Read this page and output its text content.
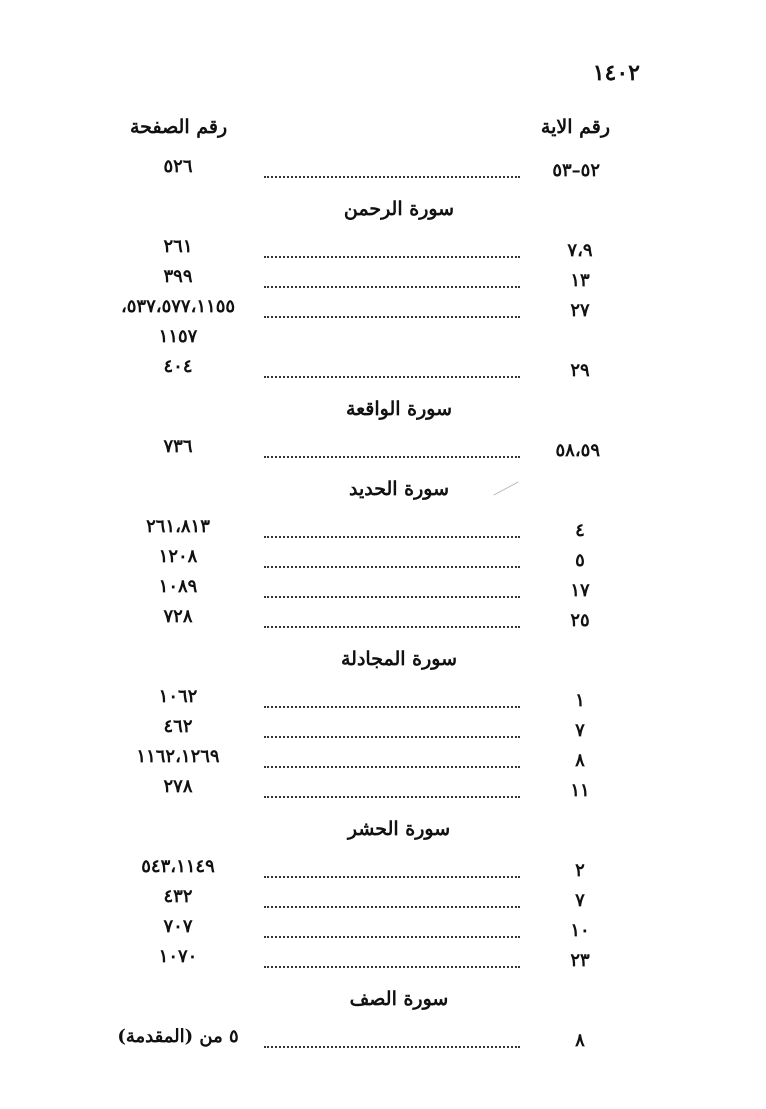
١٤٠٢
رقم الاية
رقم الصفحة
٥٢–٥٣
٥٢٦
سورة الرحمن
٧،٩
٢٦١
١٣
٣٩٩
٢٧
٥٣٧،٥٧٧،١١٥٥،
١١٥٧
٢٩
٤٠٤
سورة الواقعة
٥٨،٥٩
٧٣٦
سورة الحديد
٤
٢٦١،٨١٣
٥
١٢٠٨
١٧
١٠٨٩
٢٥
٧٢٨
سورة المجادلة
١
١٠٦٢
٧
٤٦٢
٨
١١٦٢،١٢٦٩
١١
٢٧٨
سورة الحشر
٢
٥٤٣،١١٤٩
٧
٤٣٢
١٠
٧٠٧
٢٣
١٠٧٠
سورة الصف
٨
٥ من (المقدمة)
